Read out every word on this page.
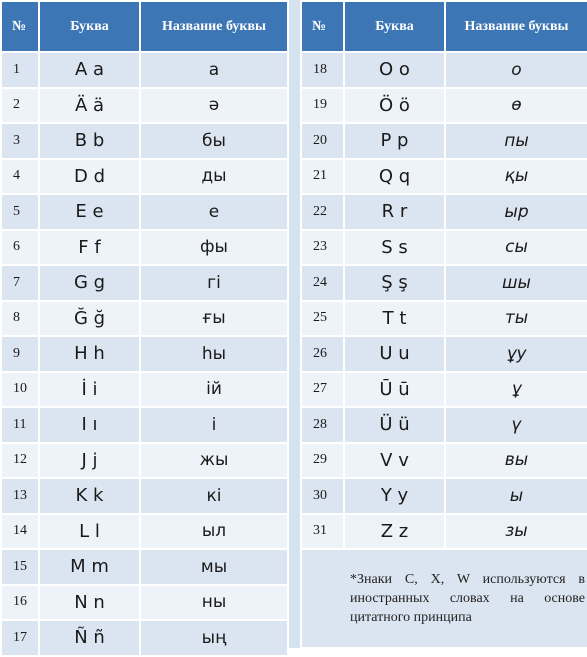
№	Буква	Название буквы
1	A a	а
2	Ä ä	ә
3	B b	бы
4	D d	ды
5	E e	е
6	F f	фы
7	G g	гі
8	Ğ ğ	ғы
9	H h	һы
10	İ i	ій
11	I ı	і
12	J j	жы
13	K k	кі
14	L l	ыл
15	M m	мы
16	N n	ны
17	Ñ ñ	ың
№	Буква	Название буквы
18	O o	о
19	Ö ö	ө
20	P p	пы
21	Q q	қы
22	R r	ыр
23	S s	сы
24	Ş ş	шы
25	T t	ты
26	U u	ұу
27	Ū ū	ұ
28	Ü ü	ү
29	V v	вы
30	Y y	ы
31	Z z	зы
*Знаки C, X, W используются в иностранных словах на основе цитатного принципа		
